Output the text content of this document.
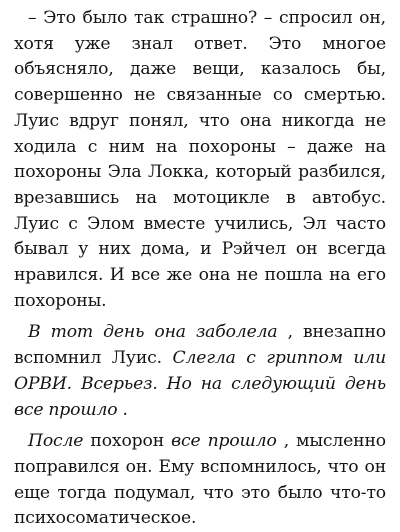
– Это было так страшно? – спросил он, хотя уже знал ответ. Это многое объясняло, даже вещи, казалось бы, совершенно не связанные со смертью. Луис вдруг понял, что она никогда не ходила с ним на похороны – даже на похороны Эла Локка, который разбился, врезавшись на мотоцикле в автобус. Луис с Элом вместе учились, Эл часто бывал у них дома, и Рэйчел он всегда нравился. И все же она не пошла на его похороны.

В тот день она заболела , внезапно вспомнил Луис. Слегла с гриппом или ОРВИ. Всерьез. Но на следующий день все прошло .

После похорон все прошло , мысленно поправился он. Ему вспомнилось, что он еще тогда подумал, что это было что-то психосоматическое.
